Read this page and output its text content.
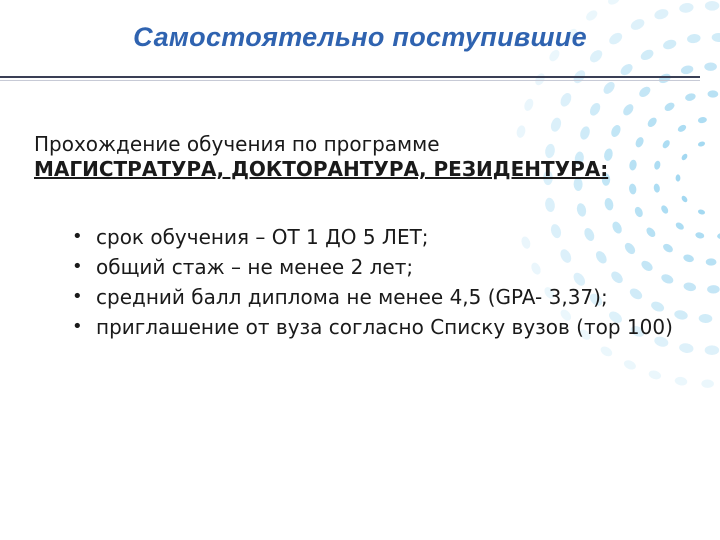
Самостоятельно поступившие
Прохождение обучения по программе
МАГИСТРАТУРА, ДОКТОРАНТУРА, РЕЗИДЕНТУРА:
• срок обучения – ОТ 1 ДО 5 ЛЕТ;
• общий стаж – не менее 2 лет;
• средний балл диплома не менее 4,5 (GPA- 3,37);
• приглашение от вуза согласно Списку вузов (тор 100)
